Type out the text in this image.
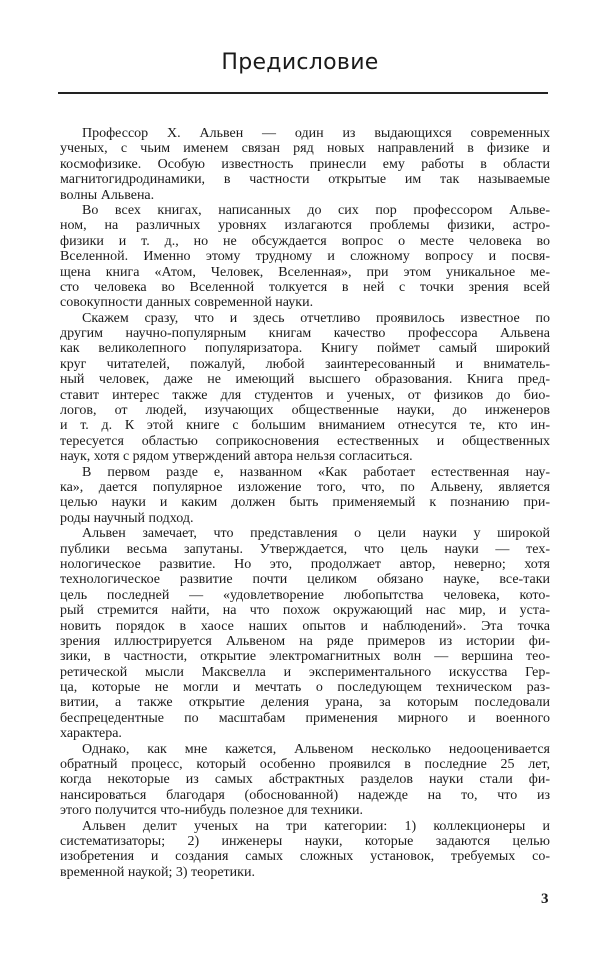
Предисловие
Профессор Х. Альвен — один из выдающихся современных
ученых, с чьим именем связан ряд новых направлений в физике и
космофизике. Особую известность принесли ему работы в области
магнитогидродинамики, в частности открытые им так называемые
волны Альвена.
Во всех книгах, написанных до сих пор профессором Альве-
ном, на различных уровнях излагаются проблемы физики, астро-
физики и т. д., но не обсуждается вопрос о месте человека во
Вселенной. Именно этому трудному и сложному вопросу и посвя-
щена книга «Атом, Человек, Вселенная», при этом уникальное ме-
сто человека во Вселенной толкуется в ней с точки зрения всей
совокупности данных современной науки.
Скажем сразу, что и здесь отчетливо проявилось известное по
другим научно-популярным книгам качество профессора Альвена
как великолепного популяризатора. Книгу поймет самый широкий
круг читателей, пожалуй, любой заинтересованный и вниматель-
ный человек, даже не имеющий высшего образования. Книга пред-
ставит интерес также для студентов и ученых, от физиков до био-
логов, от людей, изучающих общественные науки, до инженеров
и т. д. К этой книге с большим вниманием отнесутся те, кто ин-
тересуется областью соприкосновения естественных и общественных
наук, хотя с рядом утверждений автора нельзя согласиться.
В первом разде е, названном «Как работает естественная нау-
ка», дается популярное изложение того, что, по Альвену, является
целью науки и каким должен быть применяемый к познанию при-
роды научный подход.
Альвен замечает, что представления о цели науки у широкой
публики весьма запутаны. Утверждается, что цель науки — тех-
нологическое развитие. Но это, продолжает автор, неверно; хотя
технологическое развитие почти целиком обязано науке, все-таки
цель последней — «удовлетворение любопытства человека, кото-
рый стремится найти, на что похож окружающий нас мир, и уста-
новить порядок в хаосе наших опытов и наблюдений». Эта точка
зрения иллюстрируется Альвеном на ряде примеров из истории фи-
зики, в частности, открытие электромагнитных волн — вершина тео-
ретической мысли Максвелла и экспериментального искусства Гер-
ца, которые не могли и мечтать о последующем техническом раз-
витии, а также открытие деления урана, за которым последовали
беспрецедентные по масштабам применения мирного и военного
характера.
Однако, как мне кажется, Альвеном несколько недооценивается
обратный процесс, который особенно проявился в последние 25 лет,
когда некоторые из самых абстрактных разделов науки стали фи-
нансироваться благодаря (обоснованной) надежде на то, что из
этого получится что-нибудь полезное для техники.
Альвен делит ученых на три категории: 1) коллекционеры и
систематизаторы; 2) инженеры науки, которые задаются целью
изобретения и создания самых сложных установок, требуемых со-
временной наукой; 3) теоретики.
3
